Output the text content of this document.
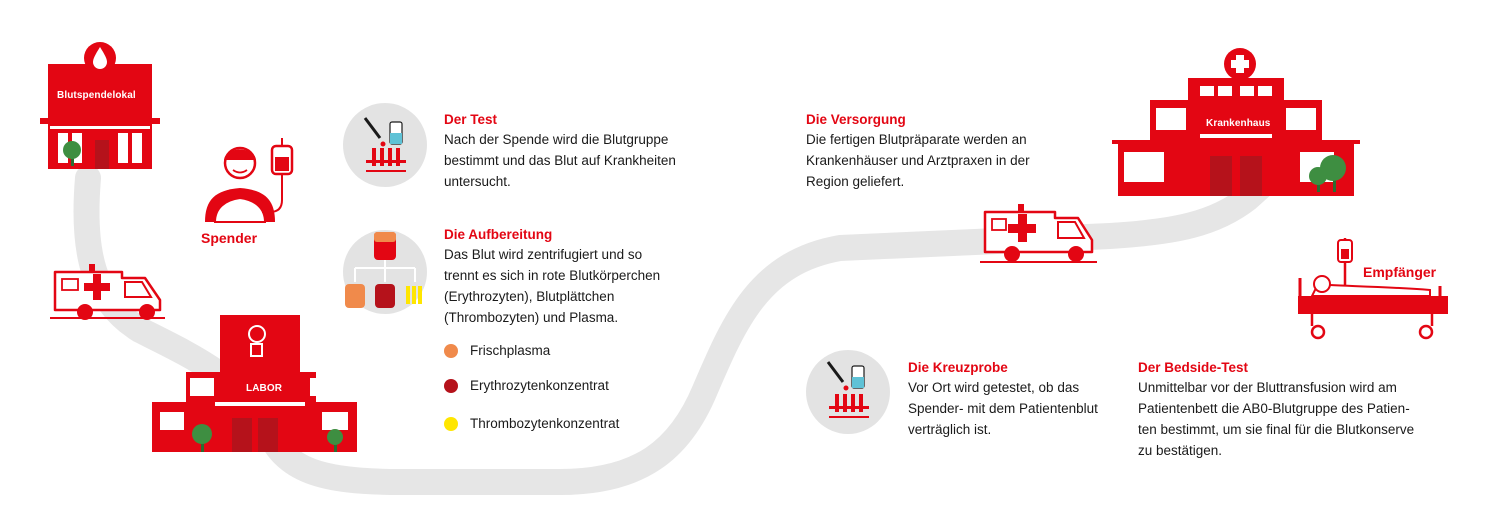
Blutspendelokal
LABOR
Krankenhaus
Spender
Empfänger
Der Test

Nach der Spende wird die Blutgruppe

bestimmt und das Blut auf Krankheiten

untersucht.

Die Aufbereitung

Das Blut wird zentrifugiert und so

trennt es sich in rote Blutkörperchen

(Erythrozyten), Blutplättchen

(Thrombozyten) und Plasma.

Frischplasma
Erythrozytenkonzentrat
Thrombozytenkonzentrat
Die Versorgung

Die fertigen Blutpräparate werden an

Krankenhäuser und Arztpraxen in der

Region geliefert.

Die Kreuzprobe

Vor Ort wird getestet, ob das

Spender- mit dem Patientenblut

verträglich ist.

Der Bedside-Test

Unmittelbar vor der Bluttransfusion wird am

Patientenbett die AB0-Blutgruppe des Patien-

ten bestimmt, um sie final für die Blutkonserve

zu bestätigen.
